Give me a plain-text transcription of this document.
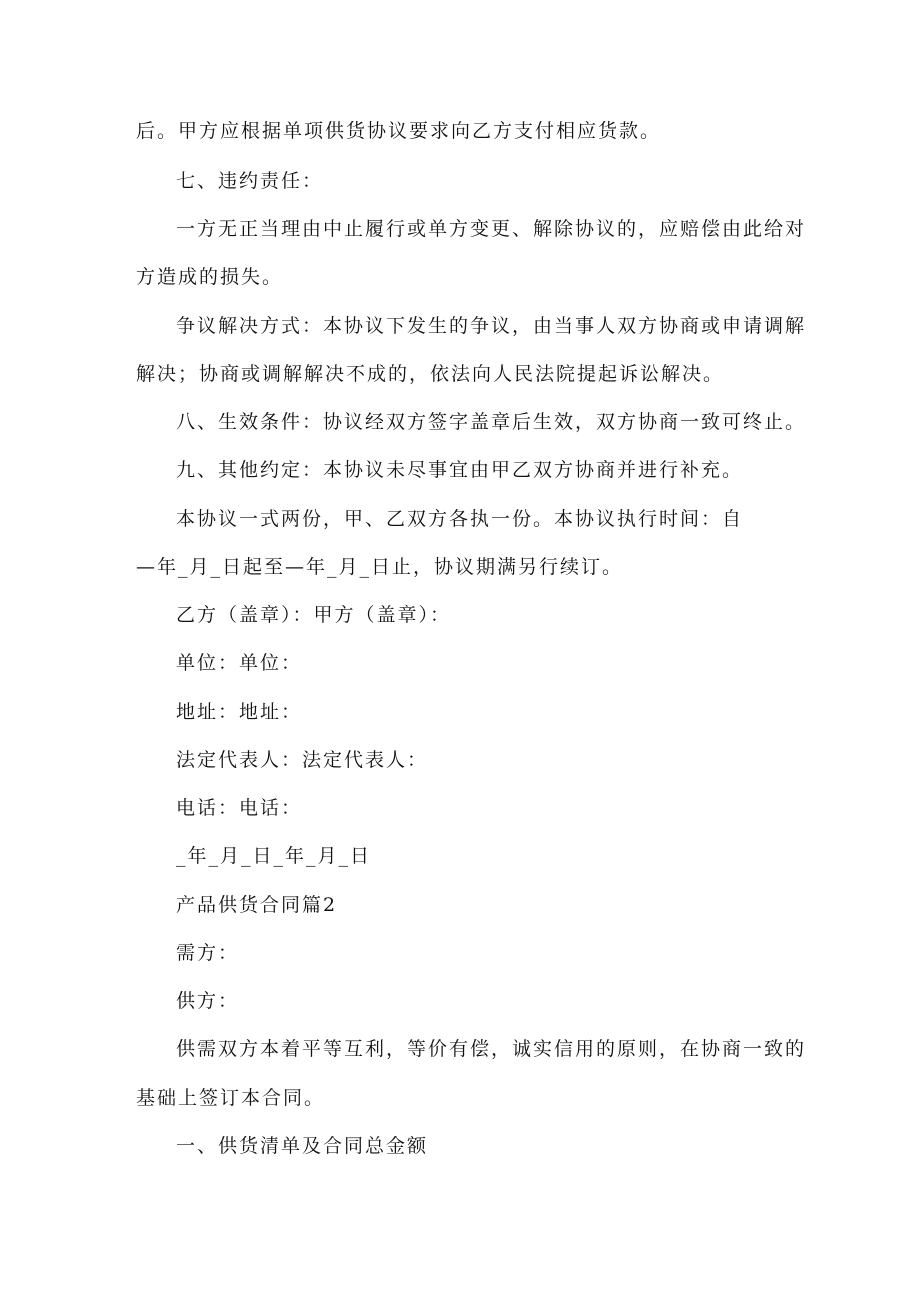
后。甲方应根据单项供货协议要求向乙方支付相应货款。
七、违约责任：
一方无正当理由中止履行或单方变更、解除协议的，应赔偿由此给对
方造成的损失。
争议解决方式：本协议下发生的争议，由当事人双方协商或申请调解
解决；协商或调解解决不成的，依法向人民法院提起诉讼解决。
八、生效条件：协议经双方签字盖章后生效，双方协商一致可终止。
九、其他约定：本协议未尽事宜由甲乙双方协商并进行补充。
本协议一式两份，甲、乙双方各执一份。本协议执行时间：自
—年_月_日起至—年_月_日止，协议期满另行续订。
乙方（盖章）：甲方（盖章）：
单位：单位：
地址：地址：
法定代表人：法定代表人：
电话：电话：
_年_月_日_年_月_日
产品供货合同篇2
需方：
供方：
供需双方本着平等互利，等价有偿，诚实信用的原则，在协商一致的
基础上签订本合同。
一、供货清单及合同总金额
